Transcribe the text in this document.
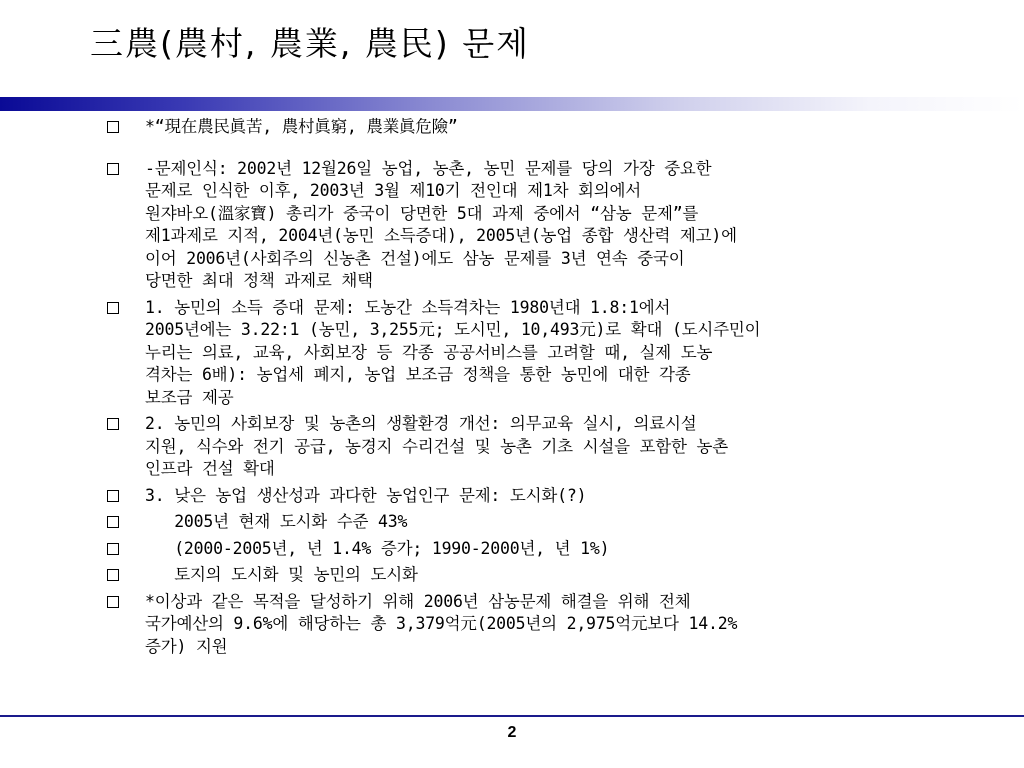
三農(農村, 農業, 農民) 문제
*“現在農民眞苦, 農村眞窮, 農業眞危險”
-문제인식: 2002년 12월26일 농업, 농촌, 농민 문제를 당의 가장 중요한
문제로 인식한 이후, 2003년 3월 제10기 전인대 제1차 회의에서
원쟈바오(溫家寶) 총리가 중국이 당면한 5대 과제 중에서 “삼농 문제”를
제1과제로 지적, 2004년(농민 소득증대), 2005년(농업 종합 생산력 제고)에
이어 2006년(사회주의 신농촌 건설)에도 삼농 문제를 3년 연속 중국이
당면한 최대 정책 과제로 채택
1. 농민의 소득 증대 문제: 도농간 소득격차는 1980년대 1.8:1에서
2005년에는 3.22:1 (농민, 3,255元; 도시민, 10,493元)로 확대 (도시주민이
누리는 의료, 교육, 사회보장 등 각종 공공서비스를 고려할 때, 실제 도농
격차는 6배): 농업세 폐지, 농업 보조금 정책을 통한 농민에 대한 각종
보조금 제공
2. 농민의 사회보장 및 농촌의 생활환경 개선: 의무교육 실시, 의료시설
지원, 식수와 전기 공급, 농경지 수리건설 및 농촌 기초 시설을 포함한 농촌
인프라 건설 확대
3. 낮은 농업 생산성과 과다한 농업인구 문제: 도시화(?)
2005년 현재 도시화 수준 43%
(2000-2005년, 년 1.4% 증가; 1990-2000년, 년 1%)
토지의 도시화 및 농민의 도시화
*이상과 같은 목적을 달성하기 위해 2006년 삼농문제 해결을 위해 전체
국가예산의 9.6%에 해당하는 총 3,379억元(2005년의 2,975억元보다 14.2%
증가) 지원
2
